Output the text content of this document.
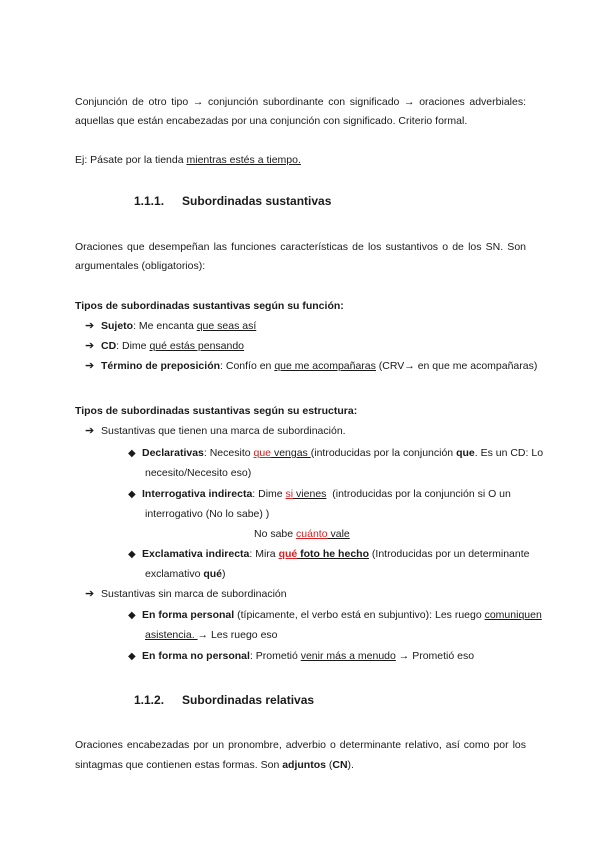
Conjunción de otro tipo → conjunción subordinante con significado → oraciones adverbiales:
aquellas que están encabezadas por una conjunción con significado. Criterio formal.
Ej: Pásate por la tienda mientras estés a tiempo.
1.1.1. Subordinadas sustantivas
Oraciones que desempeñan las funciones características de los sustantivos o de los SN. Son
argumentales (obligatorios):
Tipos de subordinadas sustantivas según su función:
➔ Sujeto: Me encanta que seas así
➔ CD: Dime qué estás pensando
➔ Término de preposición: Confío en que me acompañaras (CRV→ en que me acompañaras)
Tipos de subordinadas sustantivas según su estructura:
➔ Sustantivas que tienen una marca de subordinación.
◆ Declarativas: Necesito que vengas (introducidas por la conjunción que. Es un CD: Lo
necesito/Necesito eso)
◆ Interrogativa indirecta: Dime si vienes (introducidas por la conjunción si O un
interrogativo (No lo sabe) )
No sabe cuánto vale
◆ Exclamativa indirecta: Mira qué foto he hecho (Introducidas por un determinante
exclamativo qué)
➔ Sustantivas sin marca de subordinación
◆ En forma personal (típicamente, el verbo está en subjuntivo): Les ruego comuniquen
asistencia. → Les ruego eso
◆ En forma no personal: Prometió venir más a menudo → Prometió eso
1.1.2. Subordinadas relativas
Oraciones encabezadas por un pronombre, adverbio o determinante relativo, así como por los
sintagmas que contienen estas formas. Son adjuntos (CN).
